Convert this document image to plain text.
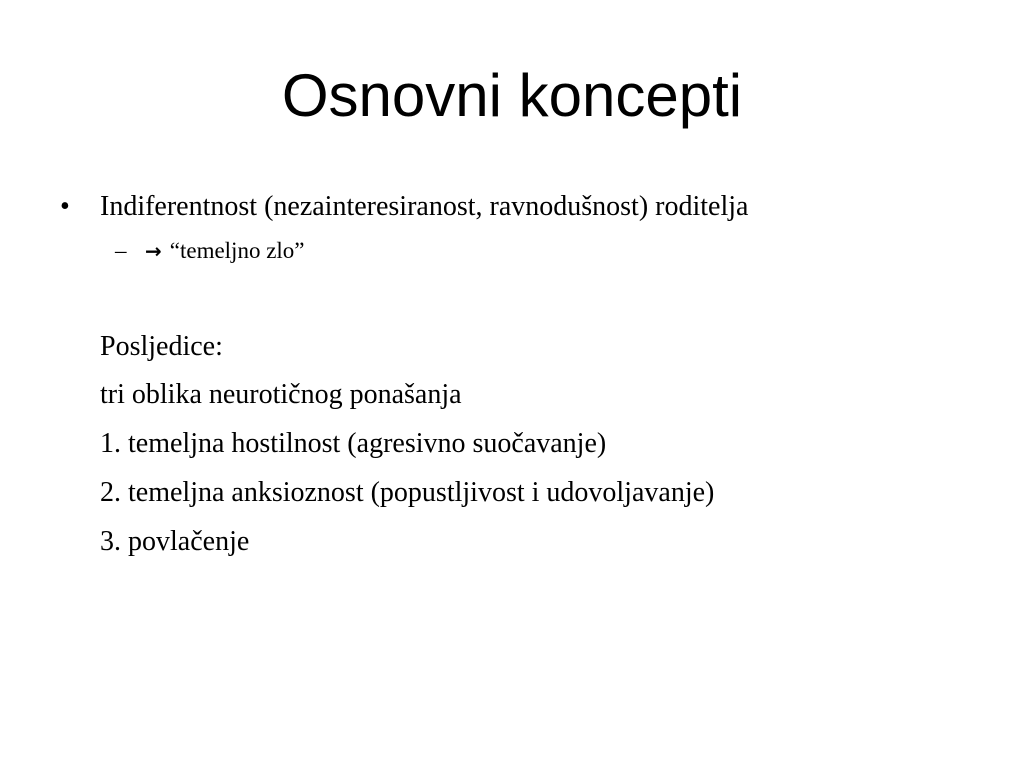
Osnovni koncepti
• Indiferentnost (nezainteresiranost, ravnodušnost) roditelja
– → “temeljno zlo”
Posljedice:
tri oblika neurotičnog ponašanja
1. temeljna hostilnost (agresivno suočavanje)
2. temeljna anksioznost (popustljivost i udovoljavanje)
3. povlačenje
